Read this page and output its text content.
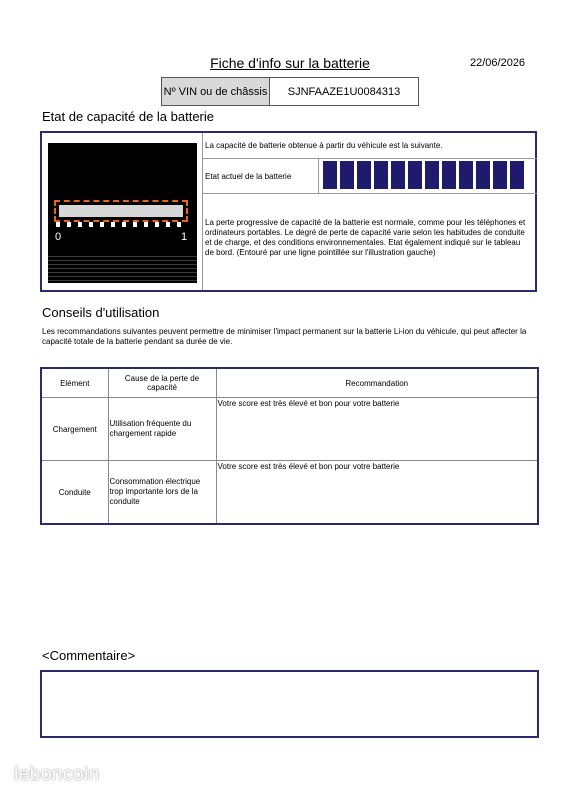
Fiche d'info sur la batterie	22/06/2026
Nº VIN ou de châssis	SJNFAAZE1U0084313
Etat de capacité de la batterie
0	1
La capacité de batterie obtenue à partir du véhicule est la suivante.
Etat actuel de la batterie
La perte progressive de capacité de la batterie est normale, comme pour les téléphones et ordinateurs portables. Le degré de perte de capacité varie selon les habitudes de conduite et de charge, et des conditions environnementales. Etat également indiqué sur le tableau de bord. (Entouré par une ligne pointillée sur l'illustration gauche)
Conseils d'utilisation
Les recommandations suivantes peuvent permettre de minimiser l'impact permanent sur la batterie Li-ion du véhicule, qui peut affecter la capacité totale de la batterie pendant sa durée de vie.
Elément	Cause de la perte de capacité	Recommandation
Chargement	Utilisation fréquente du chargement rapide	Votre score est très élevé et bon pour votre batterie
Conduite	Consommation électrique trop importante lors de la conduite	Votre score est très élevé et bon pour votre batterie
<Commentaire>
leboncoin
